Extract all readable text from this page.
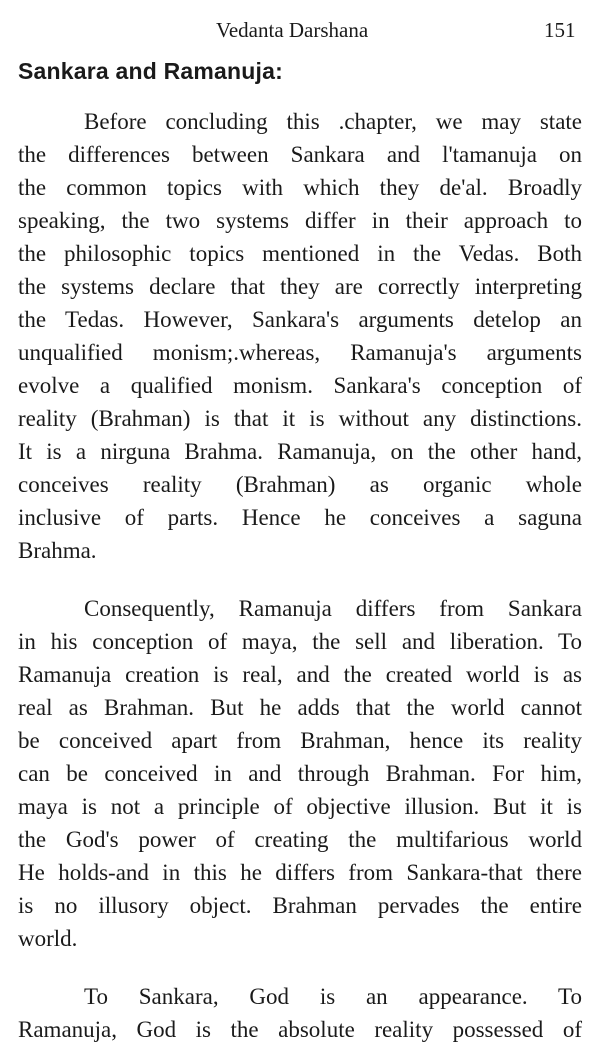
Vedanta Darshana	151
Sankara and Ramanuja:
Before concluding this .chapter, we may state
the differences between Sankara and l'tamanuja on
the common topics with which they de'al. Broadly
speaking, the two systems differ in their approach to
the philosophic topics mentioned in the Vedas. Both
the systems declare that they are correctly interpreting
the Tedas. However, Sankara's arguments detelop an
unqualified monism;.whereas, Ramanuja's arguments
evolve a qualified monism. Sankara's conception of
reality (Brahman) is that it is without any distinctions.
It is a nirguna Brahma. Ramanuja, on the other hand,
conceives reality (Brahman) as organic whole
inclusive of parts. Hence he conceives a saguna
Brahma.
Consequently, Ramanuja differs from Sankara
in his conception of maya, the sell and liberation. To
Ramanuja creation is real, and the created world is as
real as Brahman. But he adds that the world cannot
be conceived apart from Brahman, hence its reality
can be conceived in and through Brahman. For him,
maya is not a principle of objective illusion. But it is
the God's power of creating the multifarious world
He holds-and in this he differs from Sankara-that there
is no illusory object. Brahman pervades the entire
world.
To Sankara, God is an appearance. To
Ramanuja, God is the absolute reality possessed of
